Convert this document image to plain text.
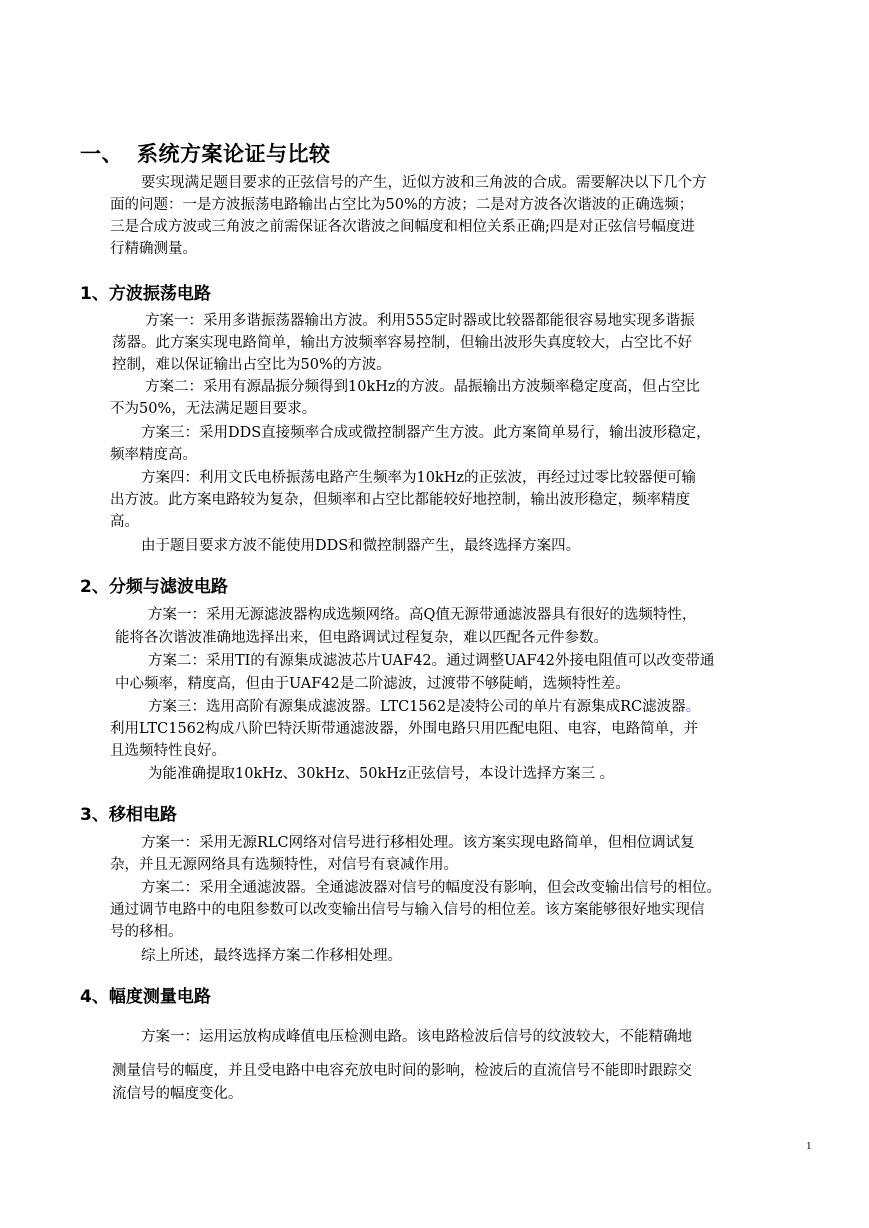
一、 系统方案论证与比较
要实现满足题目要求的正弦信号的产生，近似方波和三角波的合成。需要解决以下几个方
面的问题：一是方波振荡电路输出占空比为50%的方波；二是对方波各次谐波的正确选频；
三是合成方波或三角波之前需保证各次谐波之间幅度和相位关系正确;四是对正弦信号幅度进
行精确测量。
1、方波振荡电路
方案一：采用多谐振荡器输出方波。利用555定时器或比较器都能很容易地实现多谐振
荡器。此方案实现电路简单，输出方波频率容易控制，但输出波形失真度较大，占空比不好
控制，难以保证输出占空比为50%的方波。
方案二：采用有源晶振分频得到10kHz的方波。晶振输出方波频率稳定度高，但占空比
不为50%，无法满足题目要求。
方案三：采用DDS直接频率合成或微控制器产生方波。此方案简单易行，输出波形稳定，
频率精度高。
方案四：利用文氏电桥振荡电路产生频率为10kHz的正弦波，再经过过零比较器便可输
出方波。此方案电路较为复杂，但频率和占空比都能较好地控制，输出波形稳定，频率精度
高。
由于题目要求方波不能使用DDS和微控制器产生，最终选择方案四。
2、分频与滤波电路
方案一：采用无源滤波器构成选频网络。高Q值无源带通滤波器具有很好的选频特性，
能将各次谐波准确地选择出来，但电路调试过程复杂，难以匹配各元件参数。
方案二：采用TI的有源集成滤波芯片UAF42。通过调整UAF42外接电阻值可以改变带通
中心频率，精度高，但由于UAF42是二阶滤波，过渡带不够陡峭，选频特性差。
方案三：选用高阶有源集成滤波器。LTC1562是凌特公司的单片有源集成RC滤波器。
利用LTC1562构成八阶巴特沃斯带通滤波器，外围电路只用匹配电阻、电容，电路简单，并
且选频特性良好。
为能准确提取10kHz、30kHz、50kHz正弦信号，本设计选择方案三 。
3、移相电路
方案一：采用无源RLC网络对信号进行移相处理。该方案实现电路简单，但相位调试复
杂，并且无源网络具有选频特性，对信号有衰减作用。
方案二：采用全通滤波器。全通滤波器对信号的幅度没有影响，但会改变输出信号的相位。
通过调节电路中的电阻参数可以改变输出信号与输入信号的相位差。该方案能够很好地实现信
号的移相。
综上所述，最终选择方案二作移相处理。
4、幅度测量电路
方案一：运用运放构成峰值电压检测电路。该电路检波后信号的纹波较大，不能精确地
测量信号的幅度，并且受电路中电容充放电时间的影响，检波后的直流信号不能即时跟踪交
流信号的幅度变化。
1
